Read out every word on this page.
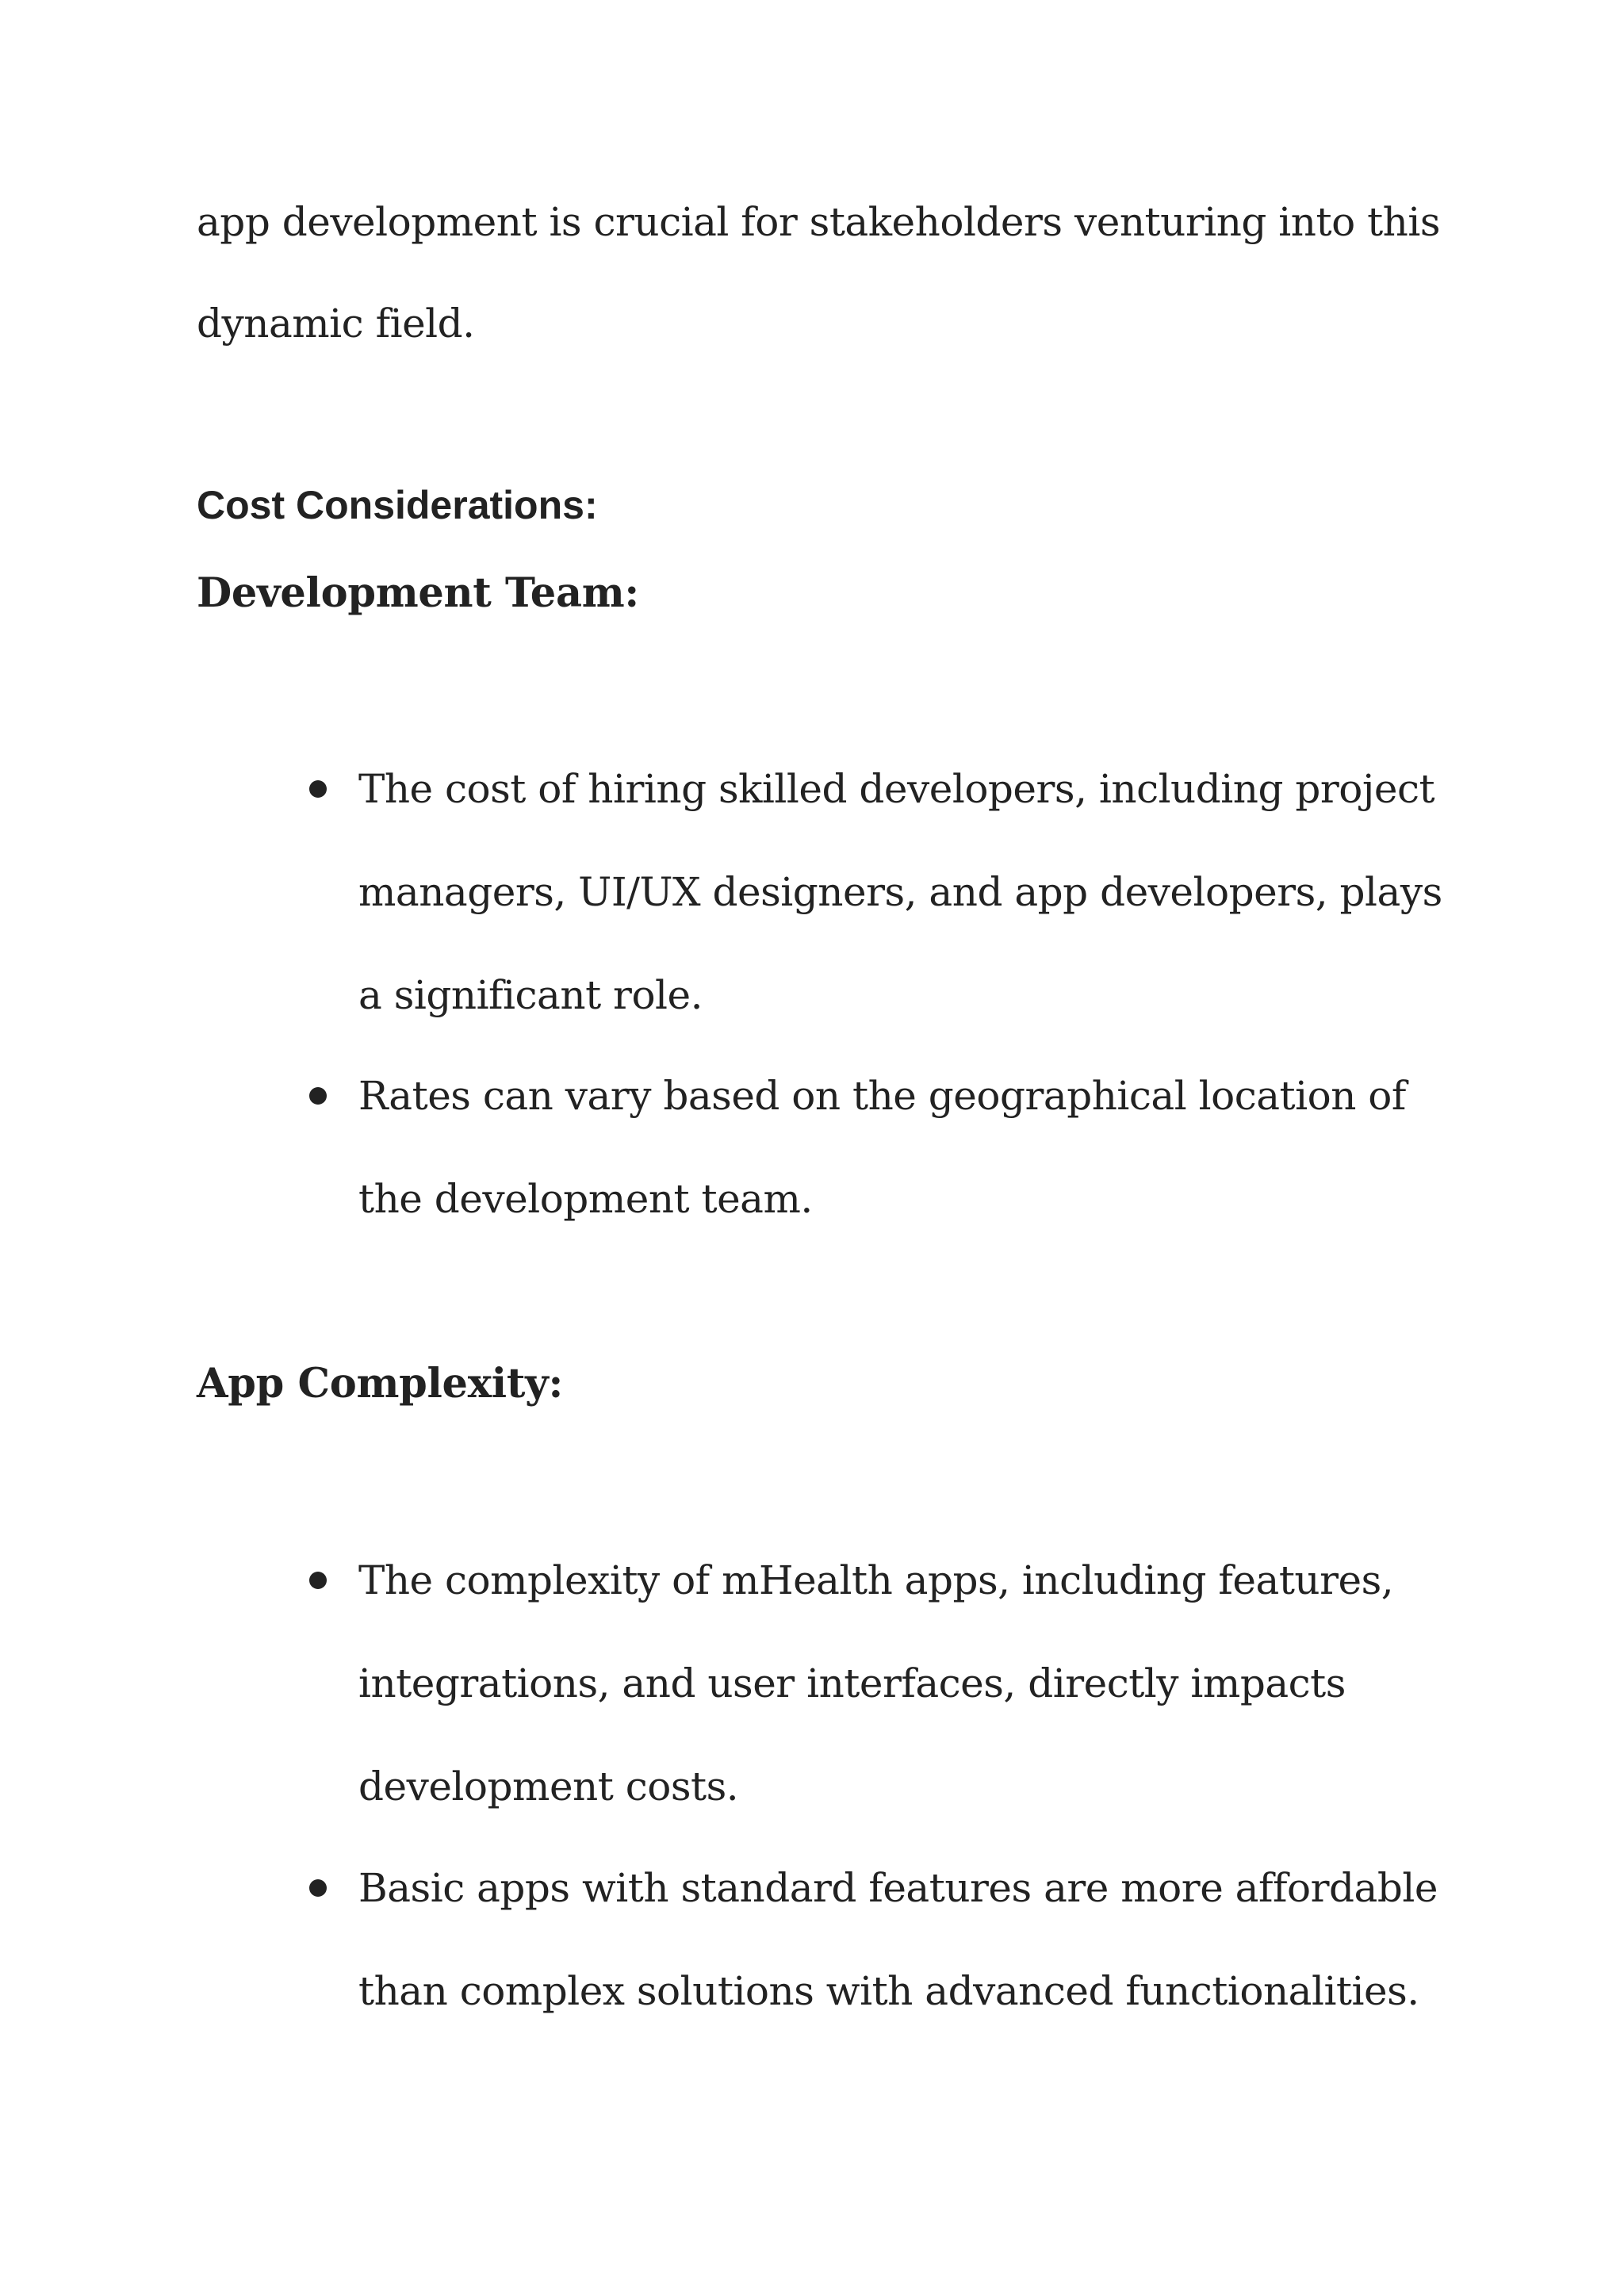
app development is crucial for stakeholders venturing into this
dynamic field.
Cost Considerations:
Development Team:
The cost of hiring skilled developers, including project managers, UI/UX designers, and app developers, plays a significant role.
Rates can vary based on the geographical location of the development team.
App Complexity:
The complexity of mHealth apps, including features, integrations, and user interfaces, directly impacts development costs.
Basic apps with standard features are more affordable than complex solutions with advanced functionalities.
